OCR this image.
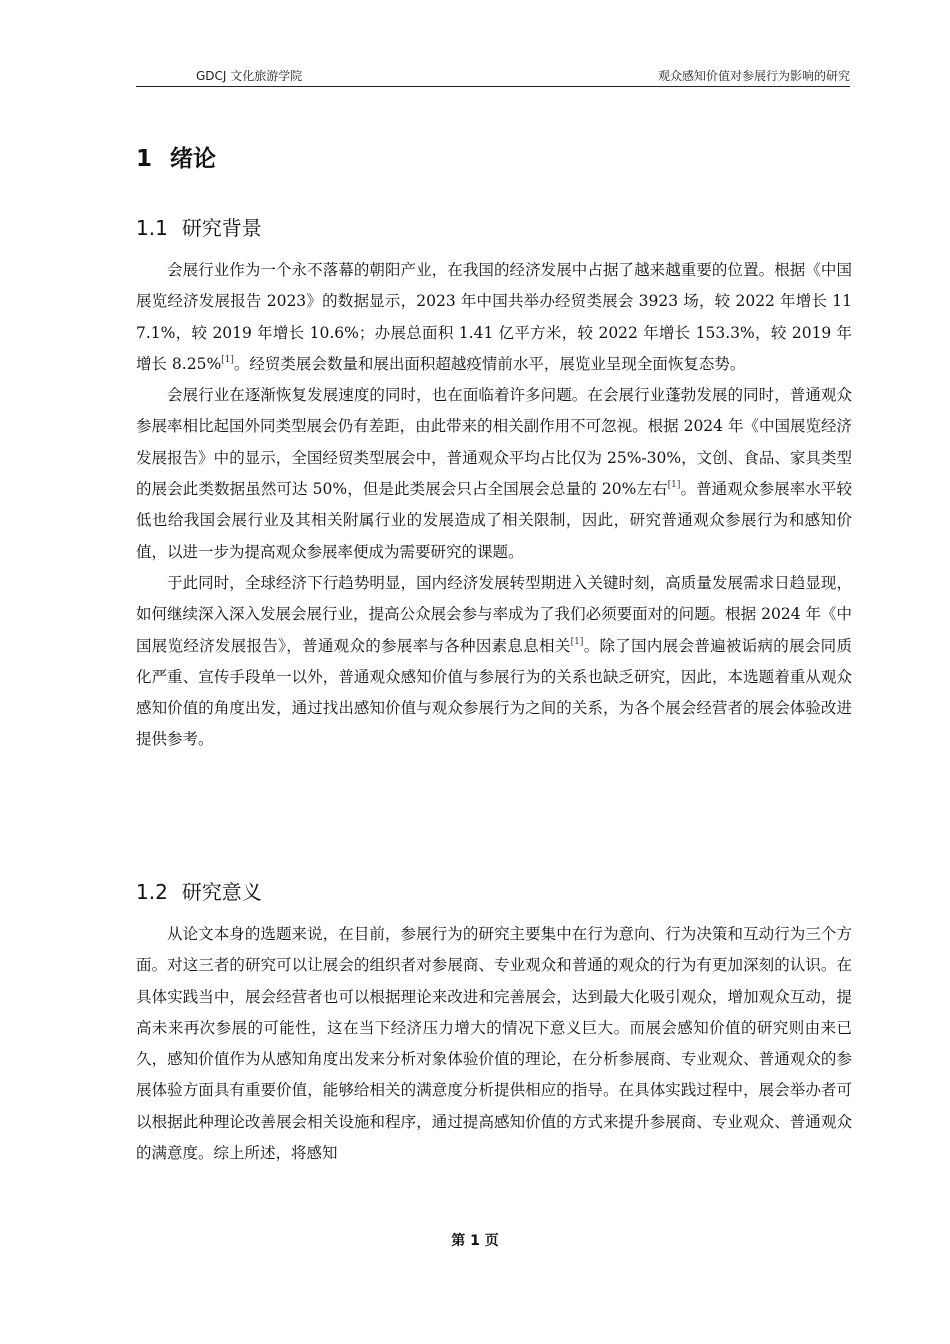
GDCJ 文化旅游学院	观众感知价值对参展行为影响的研究
1 绪论
1.1 研究背景

会展行业作为一个永不落幕的朝阳产业，在我国的经济发展中占据了越来越重要的位置。根据《中国展览经济发展报告 2023》的数据显示，2023 年中国共举办经贸类展会 3923 场，较 2022 年增长 117.1%，较 2019 年增长 10.6%；办展总面积 1.41 亿平方米，较 2022 年增长 153.3%，较 2019 年增长 8.25%[1]。经贸类展会数量和展出面积超越疫情前水平，展览业呈现全面恢复态势。

会展行业在逐渐恢复发展速度的同时，也在面临着许多问题。在会展行业蓬勃发展的同时，普通观众参展率相比起国外同类型展会仍有差距，由此带来的相关副作用不可忽视。根据 2024 年《中国展览经济发展报告》中的显示，全国经贸类型展会中，普通观众平均占比仅为 25%-30%，文创、食品、家具类型的展会此类数据虽然可达 50%，但是此类展会只占全国展会总量的 20%左右[1]。普通观众参展率水平较低也给我国会展行业及其相关附属行业的发展造成了相关限制，因此，研究普通观众参展行为和感知价值，以进一步为提高观众参展率便成为需要研究的课题。

于此同时，全球经济下行趋势明显，国内经济发展转型期进入关键时刻，高质量发展需求日趋显现，如何继续深入深入发展会展行业，提高公众展会参与率成为了我们必须要面对的问题。根据 2024 年《中国展览经济发展报告》，普通观众的参展率与各种因素息息相关[1]。除了国内展会普遍被诟病的展会同质化严重、宣传手段单一以外，普通观众感知价值与参展行为的关系也缺乏研究，因此，本选题着重从观众感知价值的角度出发，通过找出感知价值与观众参展行为之间的关系，为各个展会经营者的展会体验改进提供参考。

1.2 研究意义

从论文本身的选题来说，在目前，参展行为的研究主要集中在行为意向、行为决策和互动行为三个方面。对这三者的研究可以让展会的组织者对参展商、专业观众和普通的观众的行为有更加深刻的认识。在具体实践当中，展会经营者也可以根据理论来改进和完善展会，达到最大化吸引观众，增加观众互动，提高未来再次参展的可能性，这在当下经济压力增大的情况下意义巨大。而展会感知价值的研究则由来已久，感知价值作为从感知角度出发来分析对象体验价值的理论，在分析参展商、专业观众、普通观众的参展体验方面具有重要价值，能够给相关的满意度分析提供相应的指导。在具体实践过程中，展会举办者可以根据此种理论改善展会相关设施和程序，通过提高感知价值的方式来提升参展商、专业观众、普通观众的满意度。综上所述，将感知

第 1 页
